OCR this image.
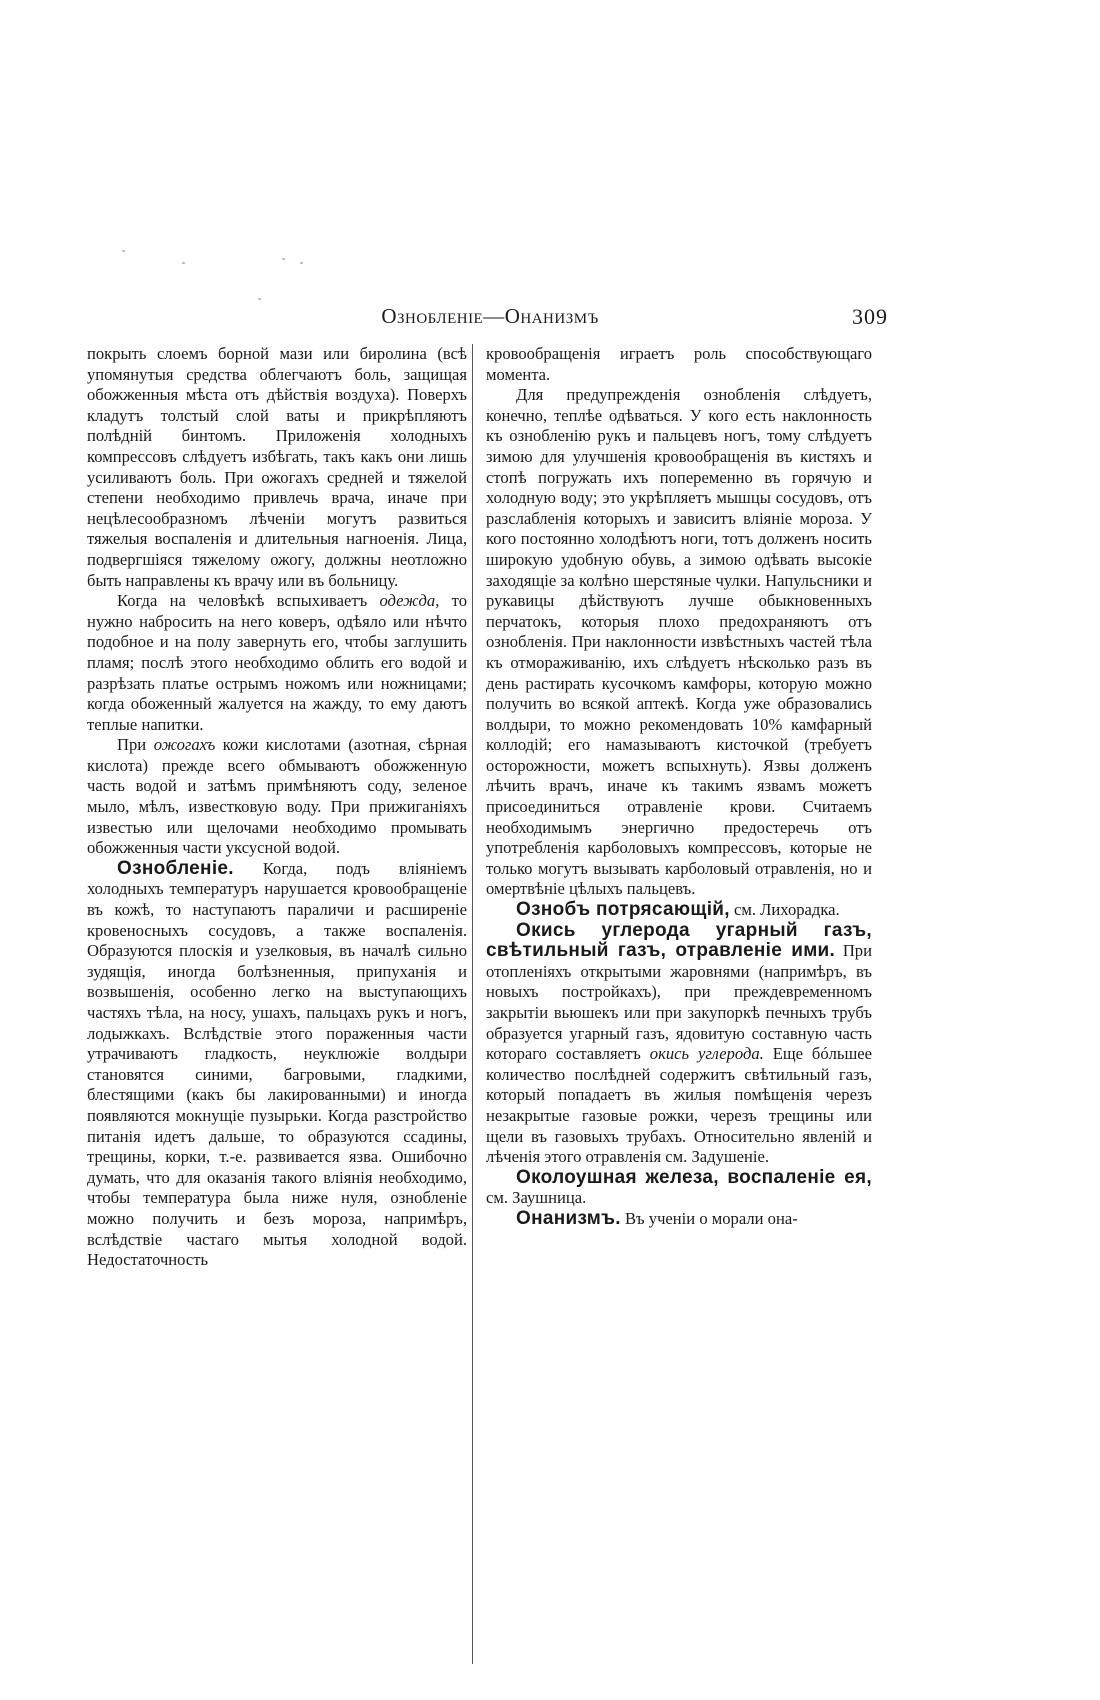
Ознобленіе—Онанизмъ	309

покрыть слоемъ борной мази или бирoлина (всѣ упомянутыя средства облегчаютъ боль, защищая обожженныя мѣста отъ дѣйствія воздуха). Поверхъ кладутъ толстый слой ваты и прикрѣпляютъ полѣдній бинтомъ. Приложенія холодныхъ компрессовъ слѣдуетъ избѣгать, такъ какъ они лишь усиливаютъ боль. При ожогахъ средней и тяжелой степени необходимо привлечь врача, иначе при нецѣлесообразномъ лѣченіи могутъ развиться тяжелыя воспаленія и длительныя нагноенія. Лица, подвергшіяся тяжелому ожогу, должны неотложно быть направлены къ врачу или въ больницу.

Когда на человѣкѣ вспыхиваетъ одежда, то нужно набросить на него коверъ, одѣяло или нѣчто подобное и на полу завернуть его, чтобы заглушить пламя; послѣ этого необходимо облить его водой и разрѣзать платье острымъ ножомъ или ножницами; когда обоженный жалуется на жажду, то ему даютъ теплые напитки.

При ожогахъ кожи кислотами (азотная, сѣрная кислота) прежде всего обмываютъ обожженную часть водой и затѣмъ примѣняютъ соду, зеленое мыло, мѣлъ, известковую воду. При прижиганіяхъ известью или щелочами необходимо промывать обожженныя части уксусной водой.

Ознобленіе. Когда, подъ вліяніемъ холодныхъ температуръ нарушается кровообращеніе въ кожѣ, то наступаютъ параличи и расширеніе кровеносныхъ сосудовъ, а также воспаленія. Образуются плоскія и узелковыя, въ началѣ сильно зудящія, иногда болѣзненныя, припуханія и возвышенія, особенно легко на выступающихъ частяхъ тѣла, на носу, ушахъ, пальцахъ рукъ и ногъ, лодыжкахъ. Вслѣдствіе этого пораженныя части утрачиваютъ гладкость, неуклюжіе волдыри становятся синими, багровыми, гладкими, блестящими (какъ бы лакированными) и иногда появляются мокнущіе пузырьки. Когда разстройство питанія идетъ дальше, то образуются ссадины, трещины, корки, т.-е. развивается язва. Ошибочно думать, что для оказанія такого вліянія необходимо, чтобы температура была ниже нуля, ознобленіе можно получить и безъ мороза, напримѣръ, вслѣдствіе частаго мытья холодной водой. Недостаточность

кровообращенія играетъ роль способствующаго момента.

Для предупрежденія ознобленія слѣдуетъ, конечно, теплѣе одѣваться. У кого есть наклонность къ ознобленію рукъ и пальцевъ ногъ, тому слѣдуетъ зимою для улучшенія кровообращенія въ кистяхъ и стопѣ погружать ихъ попеременно въ горячую и холодную воду; это укрѣпляетъ мышцы сосудовъ, отъ разслабленія которыхъ и зависитъ вліяніе мороза. У кого постоянно холодѣютъ ноги, тотъ долженъ носить широкую удобную обувь, а зимою одѣвать высокіе заходящіе за колѣно шерстяные чулки. Напульсники и рукавицы дѣйствуютъ лучше обыкновенныхъ перчатокъ, которыя плохо предохраняютъ отъ ознобленія. При наклонности извѣстныхъ частей тѣла къ отмораживанію, ихъ слѣдуетъ нѣсколько разъ въ день растирать кусочкомъ камфоры, которую можно получить во всякой аптекѣ. Когда уже образовались волдыри, то можно рекомендовать 10% камфарный коллодій; его намазываютъ кисточкой (требуетъ осторожности, можетъ вспыхнуть). Язвы долженъ лѣчить врачъ, иначе къ такимъ язвамъ можетъ присоединиться отравленіе крови. Считаемъ необходимымъ энергично предостеречь отъ употребленія карболовыхъ компрессовъ, которые не только могутъ вызывать карболовый отравленія, но и омертвѣніе цѣлыхъ пальцевъ.

Ознобъ потрясающій, см. Лихорадка.

Окись углерода угарный газъ, свѣтильный газъ, отравленіе ими. При отопленіяхъ открытыми жаровнями (напримѣръ, въ новыхъ постройкахъ), при преждевременномъ закрытіи вьюшекъ или при закупоркѣ печныхъ трубъ образуется угарный газъ, ядовитую составную часть котораго составляетъ окись углерода. Еще бóльшее количество послѣдней содержитъ свѣтильный газъ, который попадаетъ въ жилыя помѣщенія черезъ незакрытые газовые рожки, черезъ трещины или щели въ газовыхъ трубахъ. Относительно явленій и лѣченія этого отравленія см. Задушеніе.

Околоушная железа, воспаленіе ея, см. Заушница.

Онанизмъ. Въ ученіи о морали она-
